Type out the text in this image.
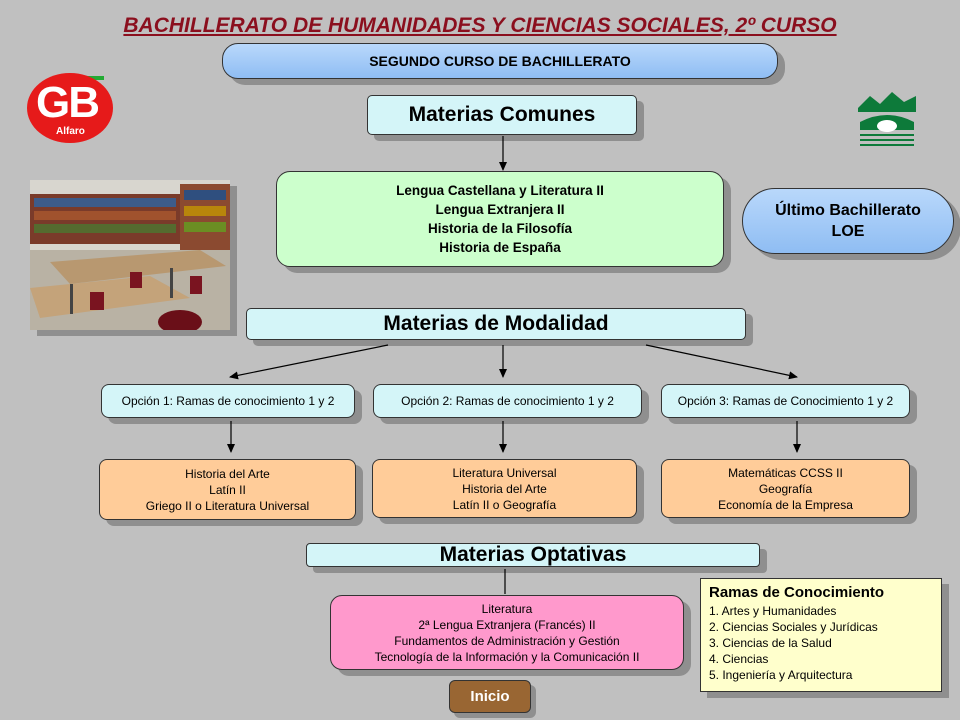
BACHILLERATO DE HUMANIDADES Y CIENCIAS SOCIALES, 2º CURSO
SEGUNDO CURSO DE BACHILLERATO
GB
Alfaro
Materias Comunes
Lengua Castellana y Literatura II
Lengua Extranjera II
Historia de la Filosofía
Historia de España
Último Bachillerato
LOE
Materias de Modalidad
Opción 1: Ramas de conocimiento 1 y 2	Opción 2: Ramas de conocimiento 1 y 2	Opción 3: Ramas de Conocimiento 1 y 2
Historia del Arte
Latín II
Griego II o Literatura Universal
Literatura Universal
Historia del Arte
Latín II o Geografía
Matemáticas CCSS II
Geografía
Economía de la Empresa
Materias Optativas
Literatura
2ª Lengua Extranjera (Francés) II
Fundamentos de Administración y Gestión
Tecnología de la Información y la Comunicación II
Ramas de Conocimiento
1. Artes y Humanidades
2. Ciencias Sociales y Jurídicas
3. Ciencias de la Salud
4. Ciencias
5. Ingeniería y Arquitectura
Inicio
